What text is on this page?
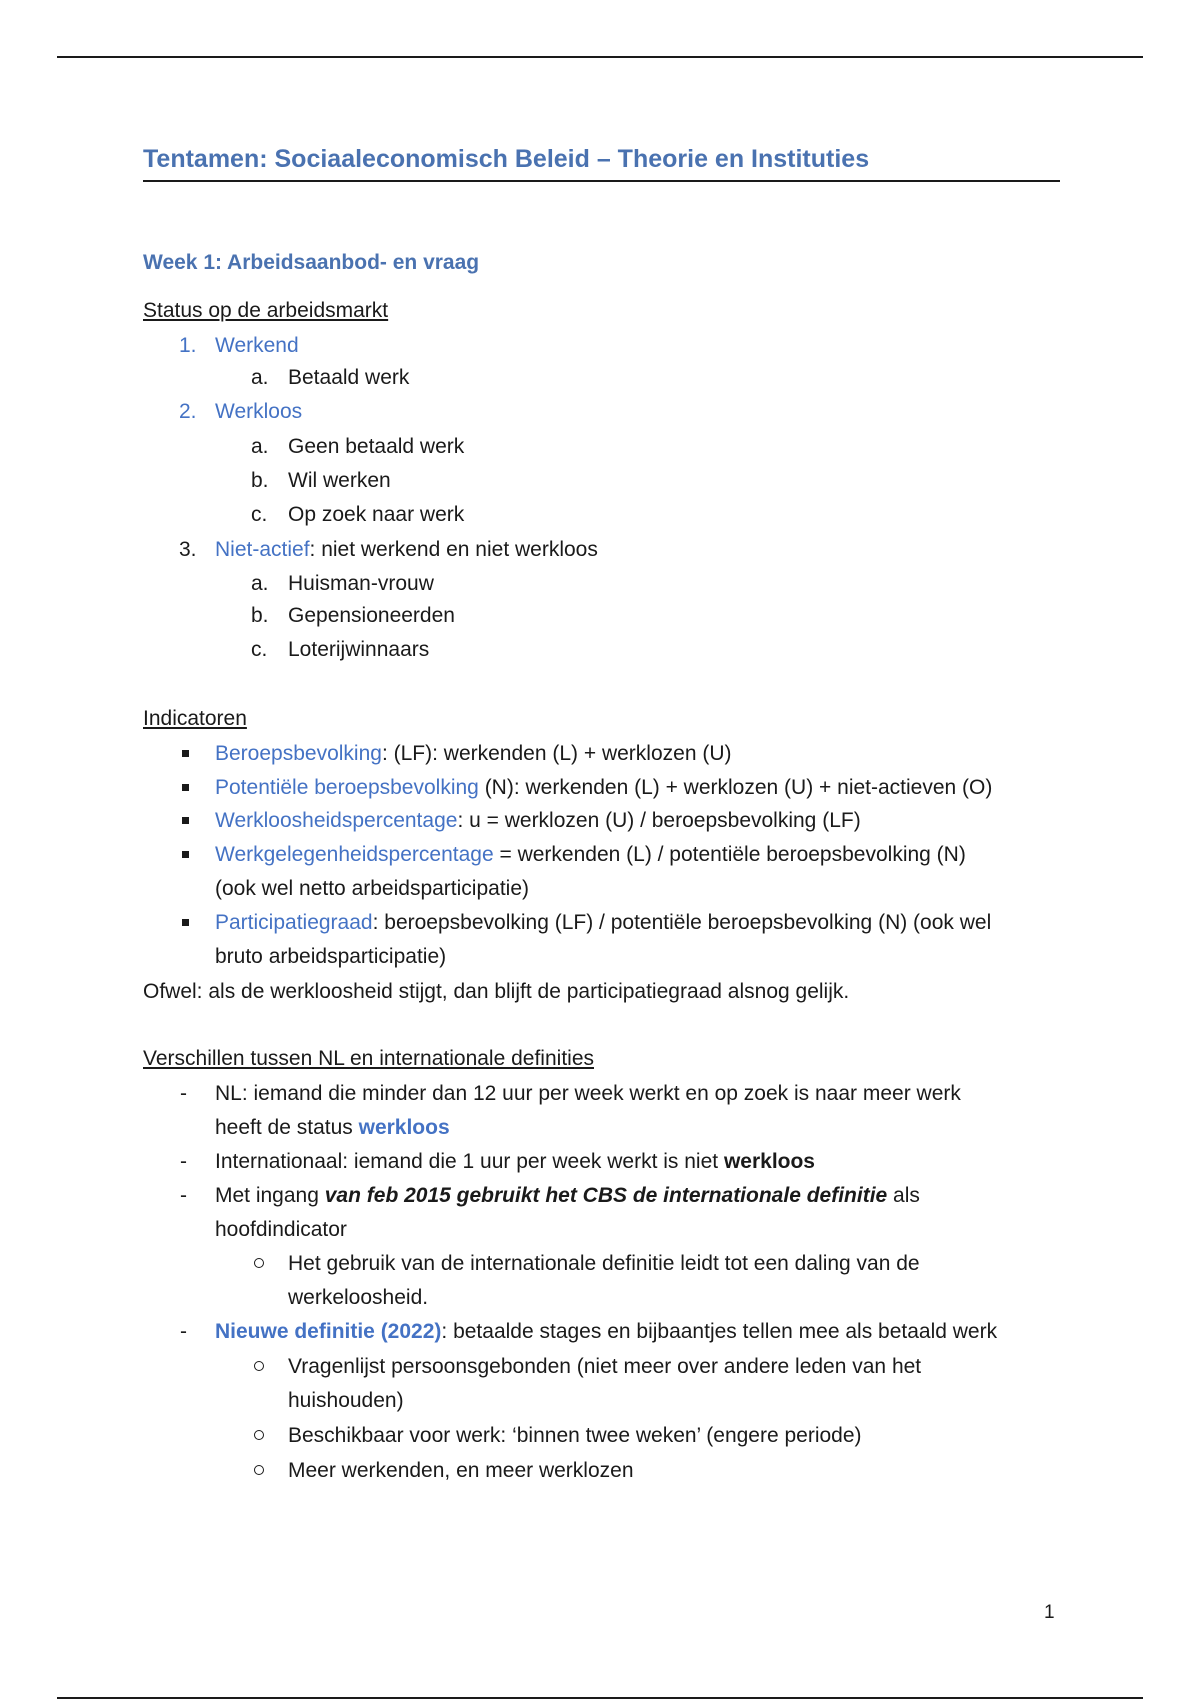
Tentamen: Sociaaleconomisch Beleid – Theorie en Instituties
Week 1: Arbeidsaanbod- en vraag
Status op de arbeidsmarkt
1. Werkend
a. Betaald werk
2. Werkloos
a. Geen betaald werk
b. Wil werken
c. Op zoek naar werk
3. Niet-actief: niet werkend en niet werkloos
a. Huisman-vrouw
b. Gepensioneerden
c. Loterijwinnaars
Indicatoren
Beroepsbevolking: (LF): werkenden (L) + werklozen (U)
Potentiële beroepsbevolking (N): werkenden (L) + werklozen (U) + niet-actieven (O)
Werkloosheidspercentage: u = werklozen (U) / beroepsbevolking (LF)
Werkgelegenheidspercentage = werkenden (L) / potentiële beroepsbevolking (N)
(ook wel netto arbeidsparticipatie)
Participatiegraad: beroepsbevolking (LF) / potentiële beroepsbevolking (N) (ook wel
bruto arbeidsparticipatie)
Ofwel: als de werkloosheid stijgt, dan blijft de participatiegraad alsnog gelijk.
Verschillen tussen NL en internationale definities
- NL: iemand die minder dan 12 uur per week werkt en op zoek is naar meer werk
heeft de status werkloos
- Internationaal: iemand die 1 uur per week werkt is niet werkloos
- Met ingang van feb 2015 gebruikt het CBS de internationale definitie als
hoofdindicator
Het gebruik van de internationale definitie leidt tot een daling van de
werkeloosheid.
- Nieuwe definitie (2022): betaalde stages en bijbaantjes tellen mee als betaald werk
Vragenlijst persoonsgebonden (niet meer over andere leden van het
huishouden)
Beschikbaar voor werk: ‘binnen twee weken’ (engere periode)
Meer werkenden, en meer werklozen
1
